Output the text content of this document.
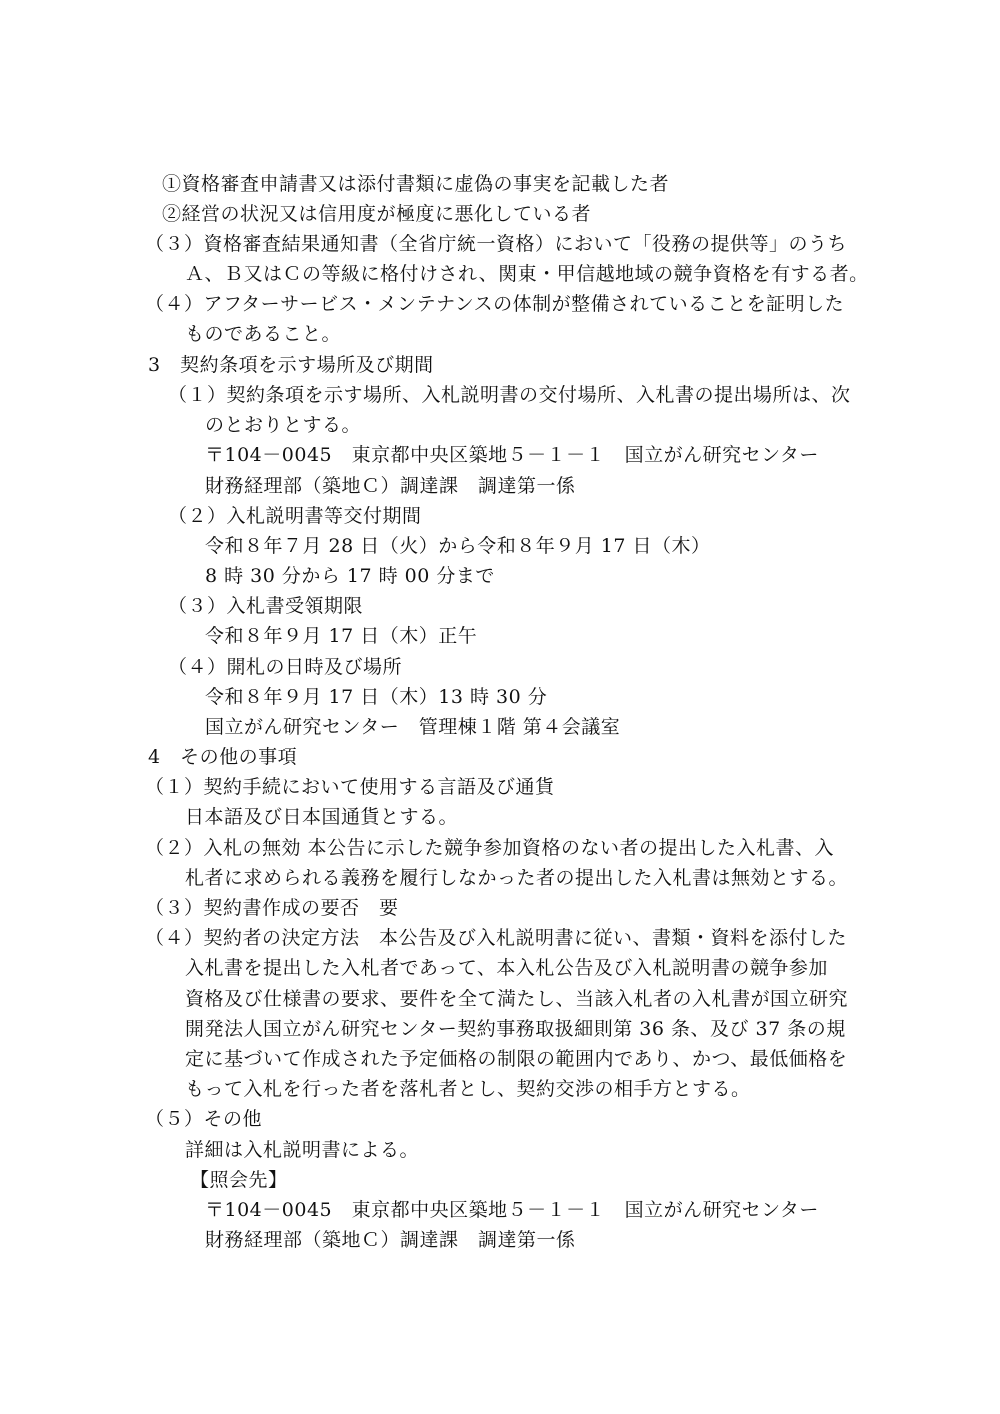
①資格審査申請書又は添付書類に虚偽の事実を記載した者
②経営の状況又は信用度が極度に悪化している者
（３）資格審査結果通知書（全省庁統一資格）において「役務の提供等」のうち
Ａ、Ｂ又はＣの等級に格付けされ、関東・甲信越地域の競争資格を有する者。
（４）アフターサービス・メンテナンスの体制が整備されていることを証明した
ものであること。
3　契約条項を示す場所及び期間
（１）契約条項を示す場所、入札説明書の交付場所、入札書の提出場所は、次
のとおりとする。
〒104－0045　東京都中央区築地５－１－１　国立がん研究センター
財務経理部（築地Ｃ）調達課　調達第一係
（２）入札説明書等交付期間
令和８年７月 28 日（火）から令和８年９月 17 日（木）
8 時 30 分から 17 時 00 分まで
（３）入札書受領期限
令和８年９月 17 日（木）正午
（４）開札の日時及び場所
令和８年９月 17 日（木）13 時 30 分
国立がん研究センター　管理棟１階 第４会議室
4　その他の事項
（１）契約手続において使用する言語及び通貨
日本語及び日本国通貨とする。
（２）入札の無効 本公告に示した競争参加資格のない者の提出した入札書、入
札者に求められる義務を履行しなかった者の提出した入札書は無効とする。
（３）契約書作成の要否　要
（４）契約者の決定方法　本公告及び入札説明書に従い、書類・資料を添付した
入札書を提出した入札者であって、本入札公告及び入札説明書の競争参加
資格及び仕様書の要求、要件を全て満たし、当該入札者の入札書が国立研究
開発法人国立がん研究センター契約事務取扱細則第 36 条、及び 37 条の規
定に基づいて作成された予定価格の制限の範囲内であり、かつ、最低価格を
もって入札を行った者を落札者とし、契約交渉の相手方とする。
（５）その他
詳細は入札説明書による。
【照会先】
〒104－0045　東京都中央区築地５－１－１　国立がん研究センター
財務経理部（築地Ｃ）調達課　調達第一係
